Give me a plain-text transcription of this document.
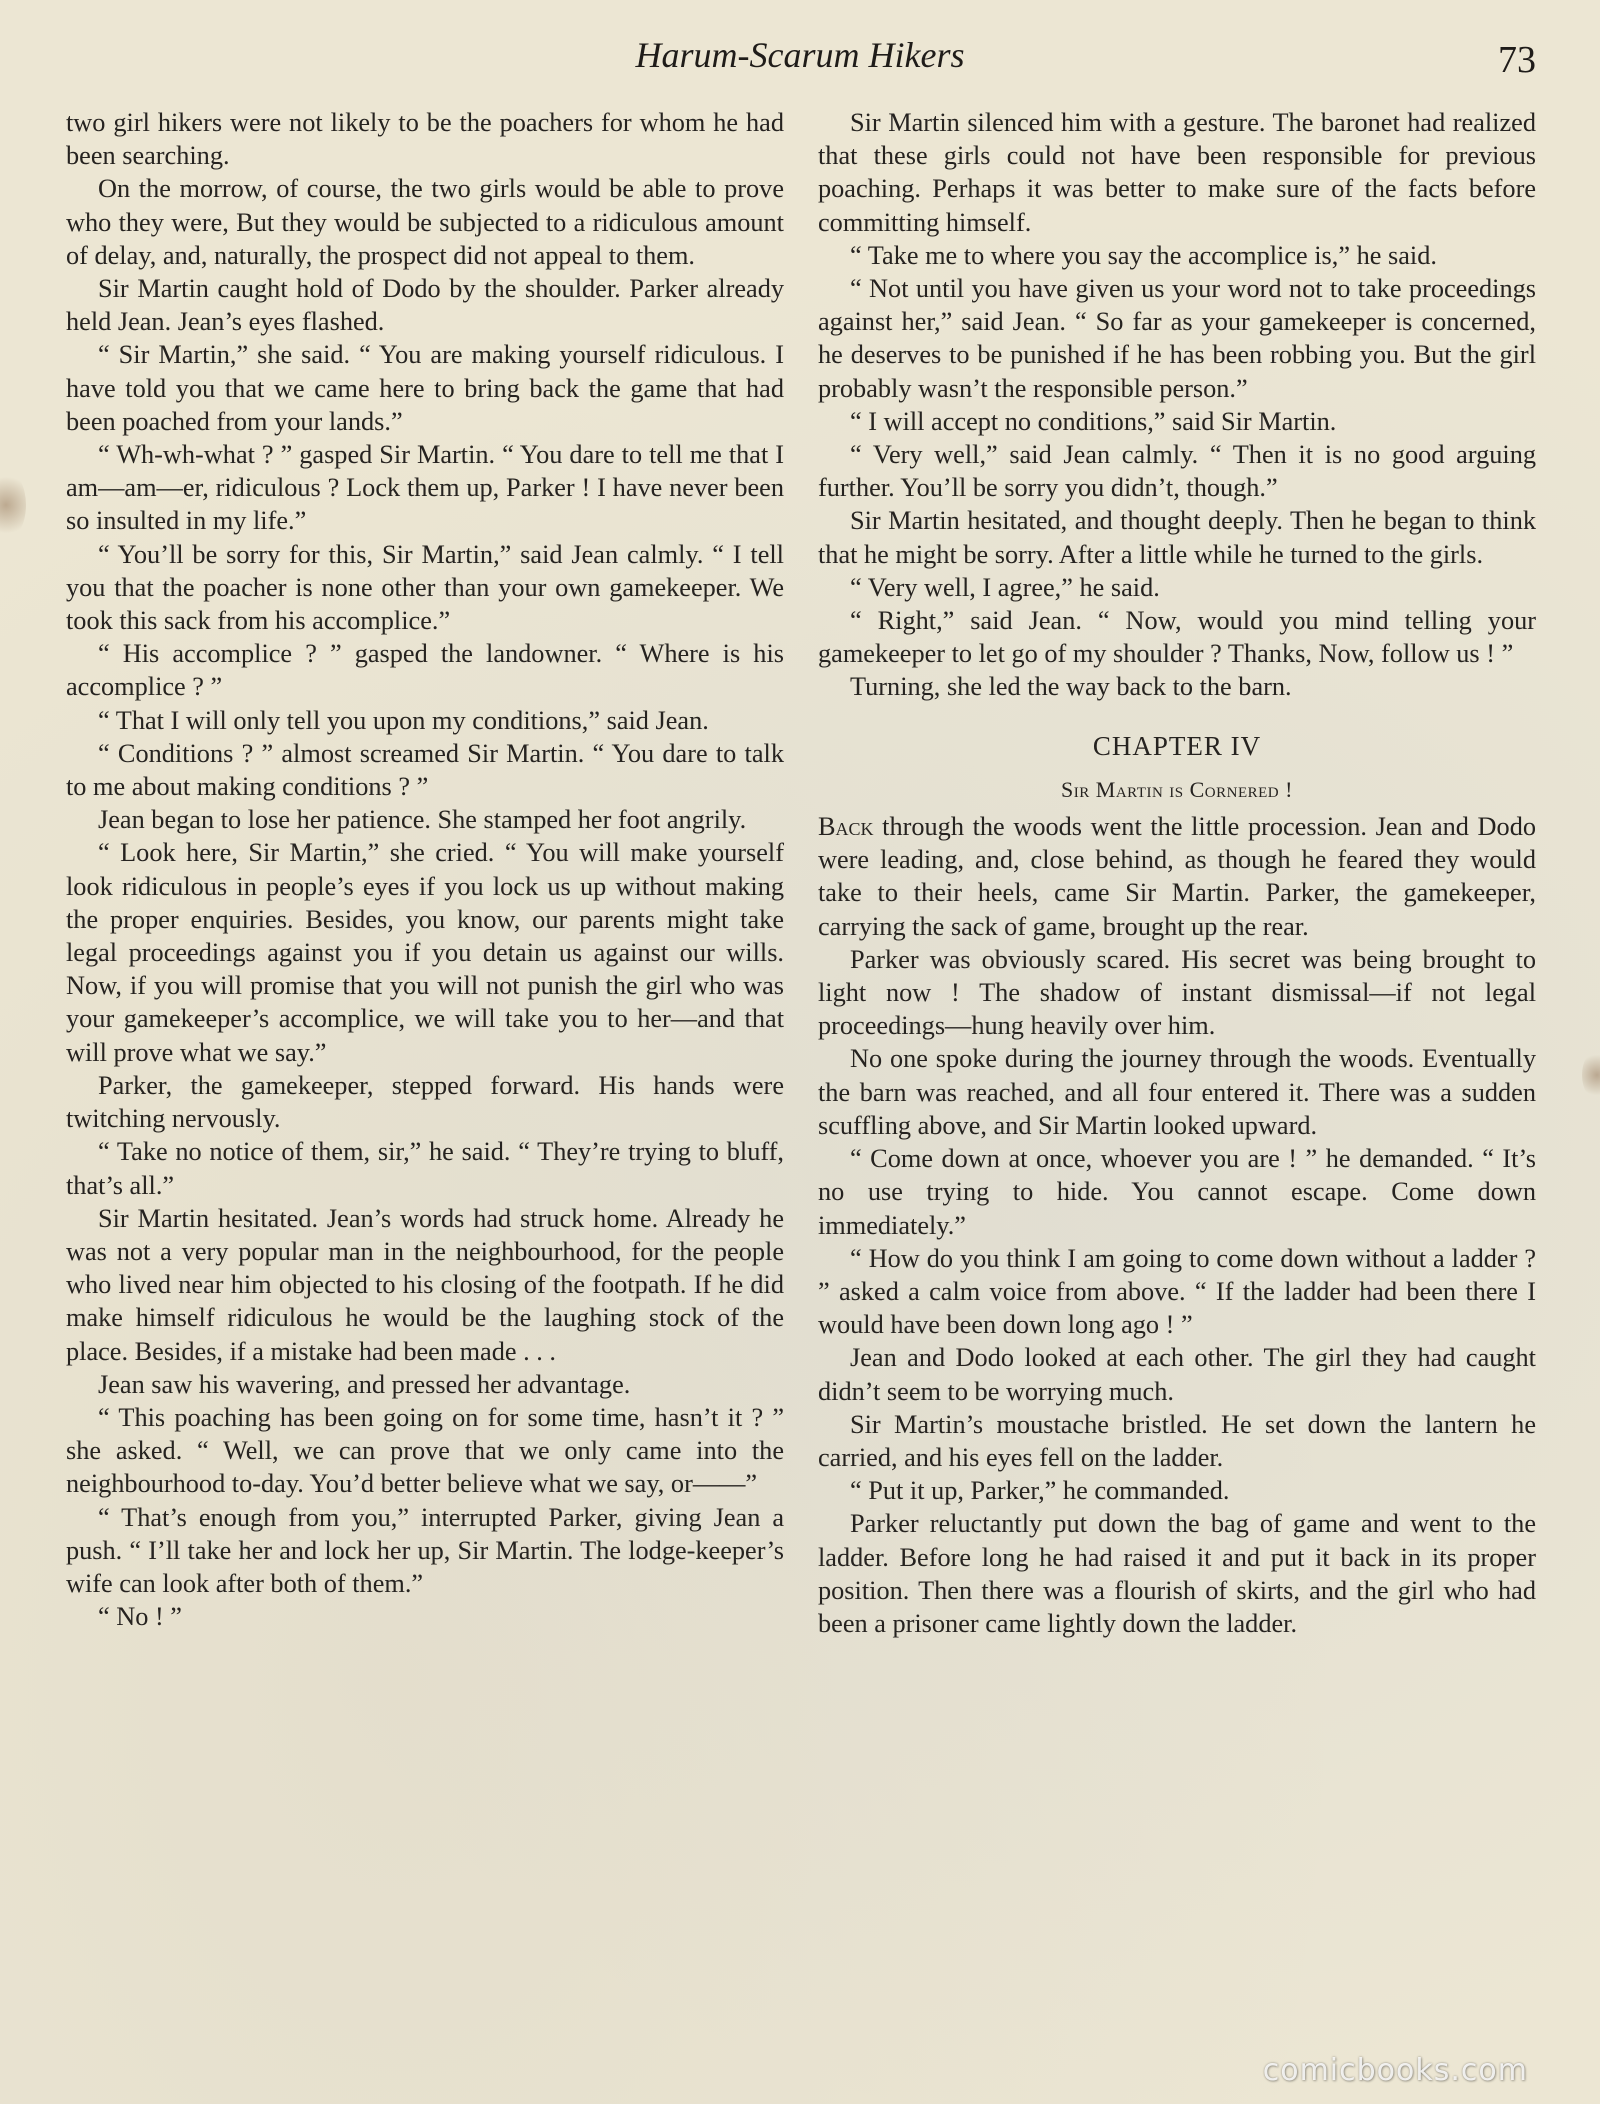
Harum-Scarum Hikers	73

two girl hikers were not likely to be the poachers for whom he had been searching.

On the morrow, of course, the two girls would be able to prove who they were, But they would be subjected to a ridiculous amount of delay, and, naturally, the prospect did not appeal to them.

Sir Martin caught hold of Dodo by the shoulder. Parker already held Jean. Jean’s eyes flashed.

“ Sir Martin,” she said. “ You are making yourself ridiculous. I have told you that we came here to bring back the game that had been poached from your lands.”

“ Wh-wh-what ? ” gasped Sir Martin. “ You dare to tell me that I am—am—er, ridiculous ? Lock them up, Parker ! I have never been so insulted in my life.”

“ You’ll be sorry for this, Sir Martin,” said Jean calmly. “ I tell you that the poacher is none other than your own gamekeeper. We took this sack from his accomplice.”

“ His accomplice ? ” gasped the landowner. “ Where is his accomplice ? ”

“ That I will only tell you upon my conditions,” said Jean.

“ Conditions ? ” almost screamed Sir Martin. “ You dare to talk to me about making conditions ? ”

Jean began to lose her patience. She stamped her foot angrily.

“ Look here, Sir Martin,” she cried. “ You will make yourself look ridiculous in people’s eyes if you lock us up without making the proper enquiries. Besides, you know, our parents might take legal proceedings against you if you detain us against our wills. Now, if you will promise that you will not punish the girl who was your gamekeeper’s accomplice, we will take you to her—and that will prove what we say.”

Parker, the gamekeeper, stepped forward. His hands were twitching nervously.

“ Take no notice of them, sir,” he said. “ They’re trying to bluff, that’s all.”

Sir Martin hesitated. Jean’s words had struck home. Already he was not a very popular man in the neighbourhood, for the people who lived near him objected to his closing of the footpath. If he did make himself ridiculous he would be the laughing stock of the place. Besides, if a mistake had been made . . .

Jean saw his wavering, and pressed her advantage.

“ This poaching has been going on for some time, hasn’t it ? ” she asked. “ Well, we can prove that we only came into the neighbourhood to-day. You’d better believe what we say, or——”

“ That’s enough from you,” interrupted Parker, giving Jean a push. “ I’ll take her and lock her up, Sir Martin. The lodge-keeper’s wife can look after both of them.”

“ No ! ”

Sir Martin silenced him with a gesture. The baronet had realized that these girls could not have been responsible for previous poaching. Perhaps it was better to make sure of the facts before committing himself.

“ Take me to where you say the accomplice is,” he said.

“ Not until you have given us your word not to take proceedings against her,” said Jean. “ So far as your gamekeeper is concerned, he deserves to be punished if he has been robbing you. But the girl probably wasn’t the responsible person.”

“ I will accept no conditions,” said Sir Martin.

“ Very well,” said Jean calmly. “ Then it is no good arguing further. You’ll be sorry you didn’t, though.”

Sir Martin hesitated, and thought deeply. Then he began to think that he might be sorry. After a little while he turned to the girls.

“ Very well, I agree,” he said.

“ Right,” said Jean. “ Now, would you mind telling your gamekeeper to let go of my shoulder ? Thanks, Now, follow us ! ”

Turning, she led the way back to the barn.

CHAPTER IV
Sir Martin is Cornered !

Back through the woods went the little procession. Jean and Dodo were leading, and, close behind, as though he feared they would take to their heels, came Sir Martin. Parker, the gamekeeper, carrying the sack of game, brought up the rear.

Parker was obviously scared. His secret was being brought to light now ! The shadow of instant dismissal—if not legal proceedings—hung heavily over him.

No one spoke during the journey through the woods. Eventually the barn was reached, and all four entered it. There was a sudden scuffling above, and Sir Martin looked upward.

“ Come down at once, whoever you are ! ” he demanded. “ It’s no use trying to hide. You cannot escape. Come down immediately.”

“ How do you think I am going to come down without a ladder ? ” asked a calm voice from above. “ If the ladder had been there I would have been down long ago ! ”

Jean and Dodo looked at each other. The girl they had caught didn’t seem to be worrying much.

Sir Martin’s moustache bristled. He set down the lantern he carried, and his eyes fell on the ladder.

“ Put it up, Parker,” he commanded.

Parker reluctantly put down the bag of game and went to the ladder. Before long he had raised it and put it back in its proper position. Then there was a flourish of skirts, and the girl who had been a prisoner came lightly down the ladder.

comicbooks.com
